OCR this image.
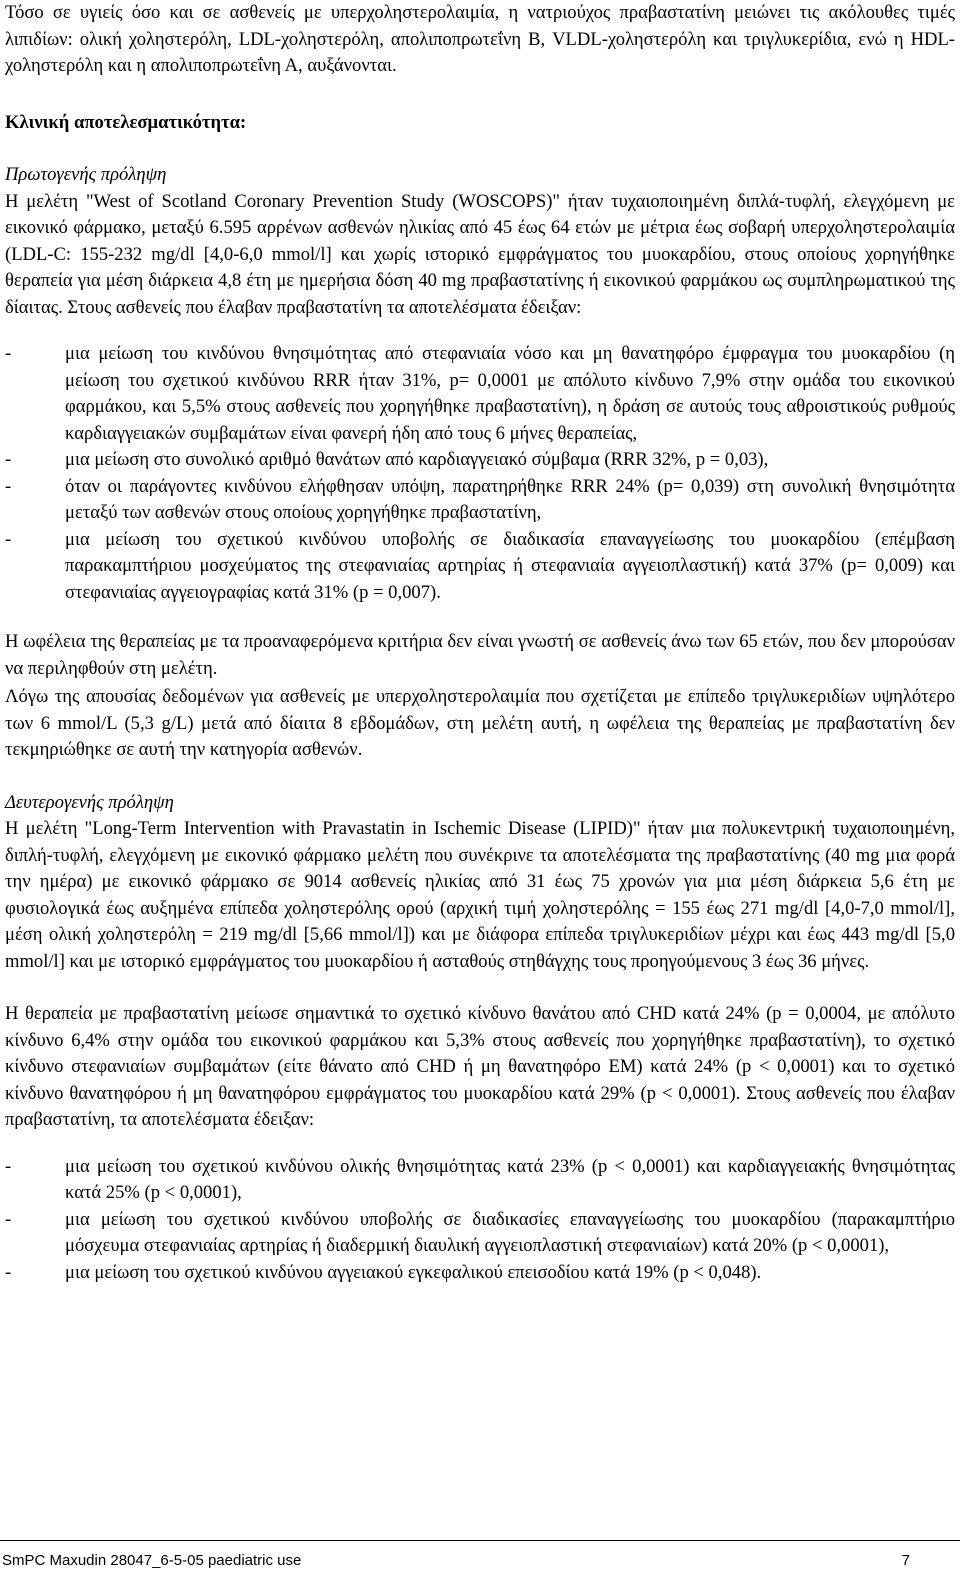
Τόσο σε υγιείς όσο και σε ασθενείς με υπερχοληστερολαιμία, η νατριούχος πραβαστατίνη μειώνει τις ακόλουθες τιμές λιπιδίων: ολική χοληστερόλη, LDL-χοληστερόλη, απολιποπρωτεΐνη Β, VLDL-χοληστερόλη και τριγλυκερίδια, ενώ η HDL-χοληστερόλη και η απολιποπρωτεΐνη Α, αυξάνονται.

Κλινική αποτελεσματικότητα:

Πρωτογενής πρόληψη

Η μελέτη "West of Scotland Coronary Prevention Study (WOSCOPS)" ήταν τυχαιοποιημένη διπλά-τυφλή, ελεγχόμενη με εικονικό φάρμακο, μεταξύ 6.595 αρρένων ασθενών ηλικίας από 45 έως 64 ετών με μέτρια έως σοβαρή υπερχοληστερολαιμία (LDL-C: 155-232 mg/dl [4,0-6,0 mmol/l] και χωρίς ιστορικό εμφράγματος του μυοκαρδίου, στους οποίους χορηγήθηκε θεραπεία για μέση διάρκεια 4,8 έτη με ημερήσια δόση 40 mg πραβαστατίνης ή εικονικού φαρμάκου ως συμπληρωματικού της δίαιτας. Στους ασθενείς που έλαβαν πραβαστατίνη τα αποτελέσματα έδειξαν:

-	μια μείωση του κινδύνου θνησιμότητας από στεφανιαία νόσο και μη θανατηφόρο έμφραγμα του μυοκαρδίου (η μείωση του σχετικού κινδύνου RRR ήταν 31%, p= 0,0001 με απόλυτο κίνδυνο 7,9% στην ομάδα του εικονικού φαρμάκου, και 5,5% στους ασθενείς που χορηγήθηκε πραβαστατίνη), η δράση σε αυτούς τους αθροιστικούς ρυθμούς καρδιαγγειακών συμβαμάτων είναι φανερή ήδη από τους 6 μήνες θεραπείας,
-	μια μείωση στο συνολικό αριθμό θανάτων από καρδιαγγειακό σύμβαμα (RRR 32%, p = 0,03),
-	όταν οι παράγοντες κινδύνου ελήφθησαν υπόψη, παρατηρήθηκε RRR 24% (p= 0,039) στη συνολική θνησιμότητα μεταξύ των ασθενών στους οποίους χορηγήθηκε πραβαστατίνη,
-	μια μείωση του σχετικού κινδύνου υποβολής σε διαδικασία επαναγγείωσης του μυοκαρδίου (επέμβαση παρακαμπτήριου μοσχεύματος της στεφανιαίας αρτηρίας ή στεφανιαία αγγειοπλαστική) κατά 37% (p= 0,009) και στεφανιαίας αγγειογραφίας κατά 31% (p = 0,007).

Η ωφέλεια της θεραπείας με τα προαναφερόμενα κριτήρια δεν είναι γνωστή σε ασθενείς άνω των 65 ετών, που δεν μπορούσαν να περιληφθούν στη μελέτη.

Λόγω της απουσίας δεδομένων για ασθενείς με υπερχοληστερολαιμία που σχετίζεται με επίπεδο τριγλυκεριδίων υψηλότερο των 6 mmol/L (5,3 g/L) μετά από δίαιτα 8 εβδομάδων, στη μελέτη αυτή, η ωφέλεια της θεραπείας με πραβαστατίνη δεν τεκμηριώθηκε σε αυτή την κατηγορία ασθενών.

Δευτερογενής πρόληψη

Η μελέτη "Long-Term Intervention with Pravastatin in Ischemic Disease (LIPID)" ήταν μια πολυκεντρική τυχαιοποιημένη, διπλή-τυφλή, ελεγχόμενη με εικονικό φάρμακο μελέτη που συνέκρινε τα αποτελέσματα της πραβαστατίνης (40 mg μια φορά την ημέρα) με εικονικό φάρμακο σε 9014 ασθενείς ηλικίας από 31 έως 75 χρονών για μια μέση διάρκεια 5,6 έτη με φυσιολογικά έως αυξημένα επίπεδα χοληστερόλης ορού (αρχική τιμή χοληστερόλης = 155 έως 271 mg/dl [4,0-7,0 mmol/l], μέση ολική χοληστερόλη = 219 mg/dl [5,66 mmol/l]) και με διάφορα επίπεδα τριγλυκεριδίων μέχρι και έως 443 mg/dl [5,0 mmol/l] και με ιστορικό εμφράγματος του μυοκαρδίου ή ασταθούς στηθάγχης τους προηγούμενους 3 έως 36 μήνες.

Η θεραπεία με πραβαστατίνη μείωσε σημαντικά το σχετικό κίνδυνο θανάτου από CHD κατά 24% (p = 0,0004, με απόλυτο κίνδυνο 6,4% στην ομάδα του εικονικού φαρμάκου και 5,3% στους ασθενείς που χορηγήθηκε πραβαστατίνη), το σχετικό κίνδυνο στεφανιαίων συμβαμάτων (είτε θάνατο από CHD ή μη θανατηφόρο ΕΜ) κατά 24% (p < 0,0001) και το σχετικό κίνδυνο θανατηφόρου ή μη θανατηφόρου εμφράγματος του μυοκαρδίου κατά 29% (p < 0,0001). Στους ασθενείς που έλαβαν πραβαστατίνη, τα αποτελέσματα έδειξαν:

-	μια μείωση του σχετικού κινδύνου ολικής θνησιμότητας κατά 23% (p < 0,0001) και καρδιαγγειακής θνησιμότητας κατά 25% (p < 0,0001),
-	μια μείωση του σχετικού κινδύνου υποβολής σε διαδικασίες επαναγγείωσης του μυοκαρδίου (παρακαμπτήριο μόσχευμα στεφανιαίας αρτηρίας ή διαδερμική διαυλική αγγειοπλαστική στεφανιαίων) κατά 20% (p < 0,0001),
-	μια μείωση του σχετικού κινδύνου αγγειακού εγκεφαλικού επεισοδίου κατά 19% (p < 0,048).
SmPC Maxudin 28047_6-5-05 paediatric use	7
